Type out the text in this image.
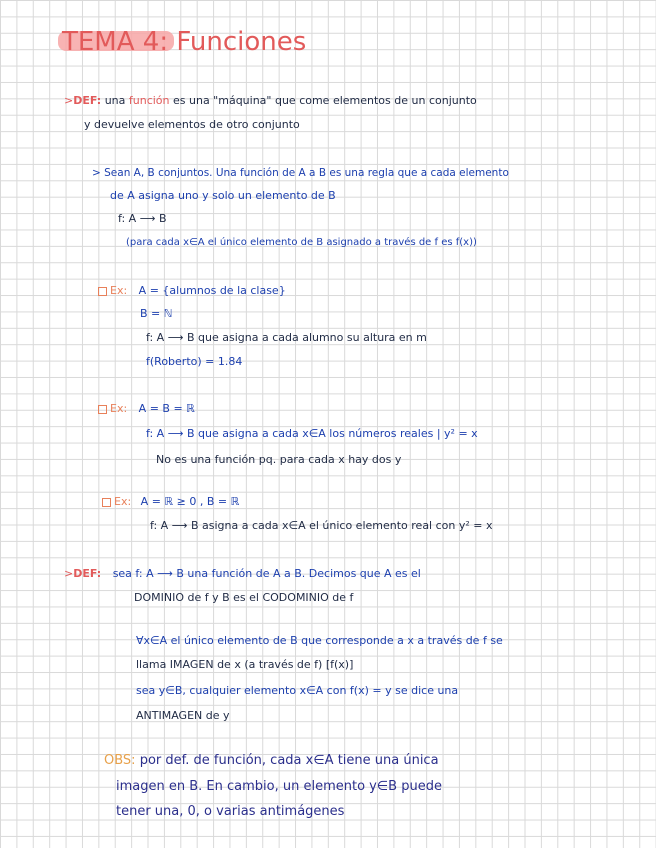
TEMA 4: Funciones
>DEF: una función es una "máquina" que come elementos de un conjunto
y devuelve elementos de otro conjunto
> Sean A, B conjuntos. Una función de A a B es una regla que a cada elemento
de A asigna uno y solo un elemento de B
f: A ⟶ B
(para cada x∈A el único elemento de B asignado a través de f es f(x))
Ex: A = {alumnos de la clase}
B = ℕ
f: A ⟶ B que asigna a cada alumno su altura en m
f(Roberto) = 1.84
Ex: A = B = ℝ
f: A ⟶ B que asigna a cada x∈A los números reales | y² = x
No es una función pq. para cada x hay dos y
Ex: A = ℝ ≥ 0 , B = ℝ
f: A ⟶ B asigna a cada x∈A el único elemento real con y² = x
>DEF: sea f: A ⟶ B una función de A a B. Decimos que A es el
DOMINIO de f y B es el CODOMINIO de f
∀x∈A el único elemento de B que corresponde a x a través de f se
llama IMAGEN de x (a través de f) [f(x)]
sea y∈B, cualquier elemento x∈A con f(x) = y se dice una
ANTIMAGEN de y
OBS: por def. de función, cada x∈A tiene una única
imagen en B. En cambio, un elemento y∈B puede
tener una, 0, o varias antimágenes
